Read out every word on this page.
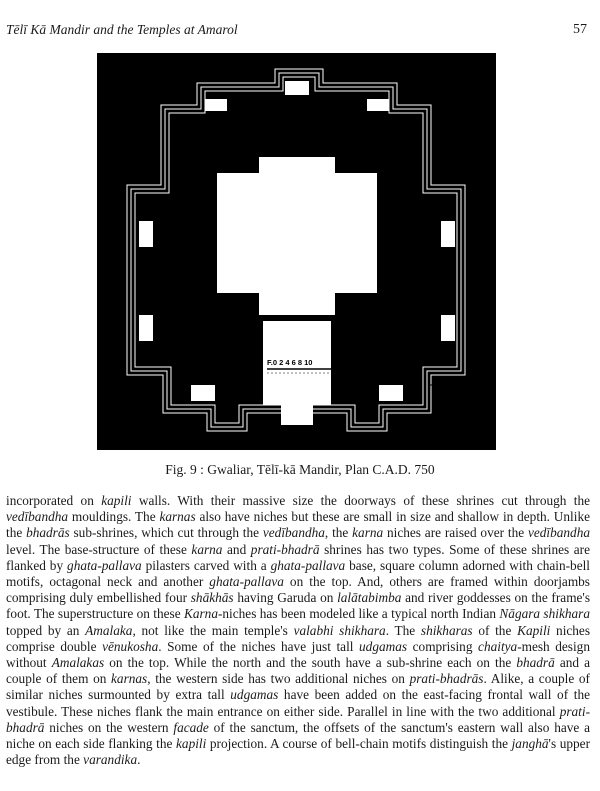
Tēlī Kā Mandir and the Temples at Amarol	57
F.0 2 4 6 8 10
N
Fig. 9 : Gwaliar, Tēlī-kā Mandir, Plan C.A.D. 750

incorporated on kapili walls. With their massive size the doorways of these shrines cut through the vedībandha mouldings. The karnas also have niches but these are small in size and shallow in depth. Unlike the bhadrās sub-shrines, which cut through the vedībandha, the karna niches are raised over the vedībandha level. The base-structure of these karna and prati-bhadrā shrines has two types. Some of these shrines are flanked by ghata-pallava pilasters carved with a ghata-pallava base, square column adorned with chain-bell motifs, octagonal neck and another ghata-pallava on the top. And, others are framed within doorjambs comprising duly embellished four shākhās having Garuda on lalātabimba and river goddesses on the frame's foot. The superstructure on these Karna-niches has been modeled like a typical north Indian Nāgara shikhara topped by an Amalaka, not like the main temple's valabhi shikhara. The shikharas of the Kapili niches comprise double vēnukosha. Some of the niches have just tall udgamas comprising chaitya-mesh design without Amalakas on the top. While the north and the south have a sub-shrine each on the bhadrā and a couple of them on karnas, the western side has two additional niches on prati-bhadrās. Alike, a couple of similar niches surmounted by extra tall udgamas have been added on the east-facing frontal wall of the vestibule. These niches flank the main entrance on either side. Parallel in line with the two additional prati-bhadrā niches on the western facade of the sanctum, the offsets of the sanctum's eastern wall also have a niche on each side flanking the kapili projection. A course of bell-chain motifs distinguish the janghā's upper edge from the varandika.
